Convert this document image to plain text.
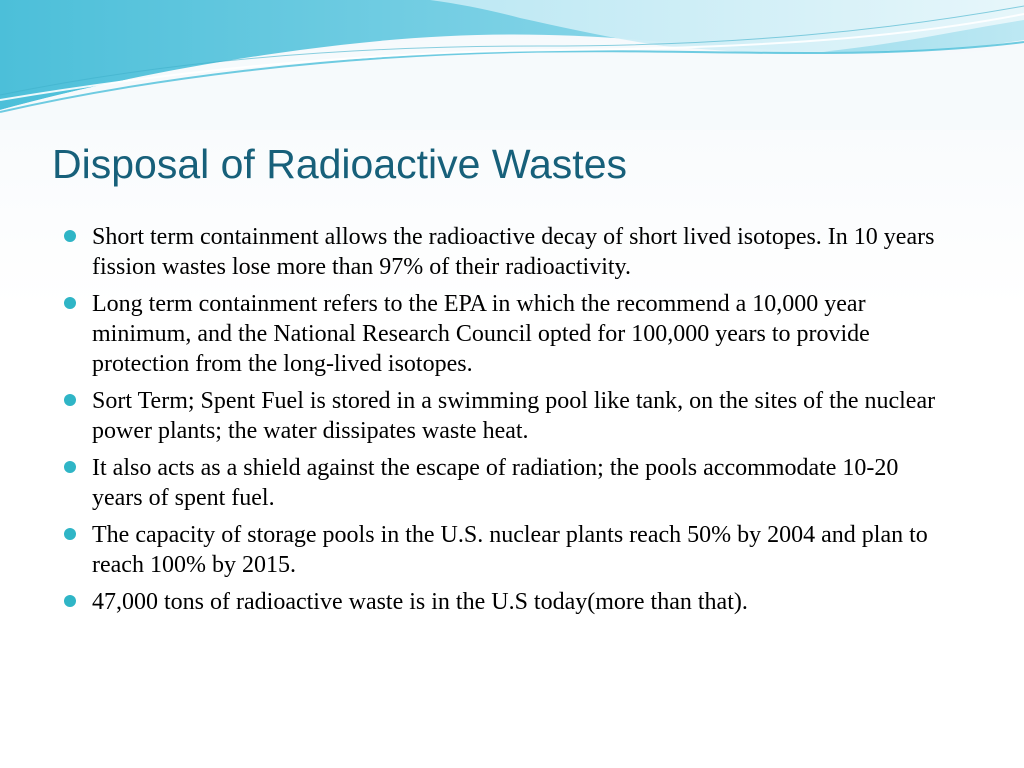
Disposal of Radioactive Wastes
Short term containment allows the radioactive decay of short lived isotopes. In 10 years fission wastes lose more than 97% of their radioactivity.
Long term containment refers to the EPA in which the recommend a 10,000 year minimum, and the National Research Council opted for 100,000 years to provide protection from the long-lived isotopes.
Sort Term; Spent Fuel is stored in a swimming pool like tank, on the sites of the nuclear power plants; the water dissipates waste heat.
It also acts as a shield against the escape of radiation; the pools accommodate 10-20 years of spent fuel.
The capacity of storage pools in the U.S. nuclear plants reach 50% by 2004 and plan to reach 100% by 2015.
47,000 tons of radioactive waste is in the U.S today(more than that).
